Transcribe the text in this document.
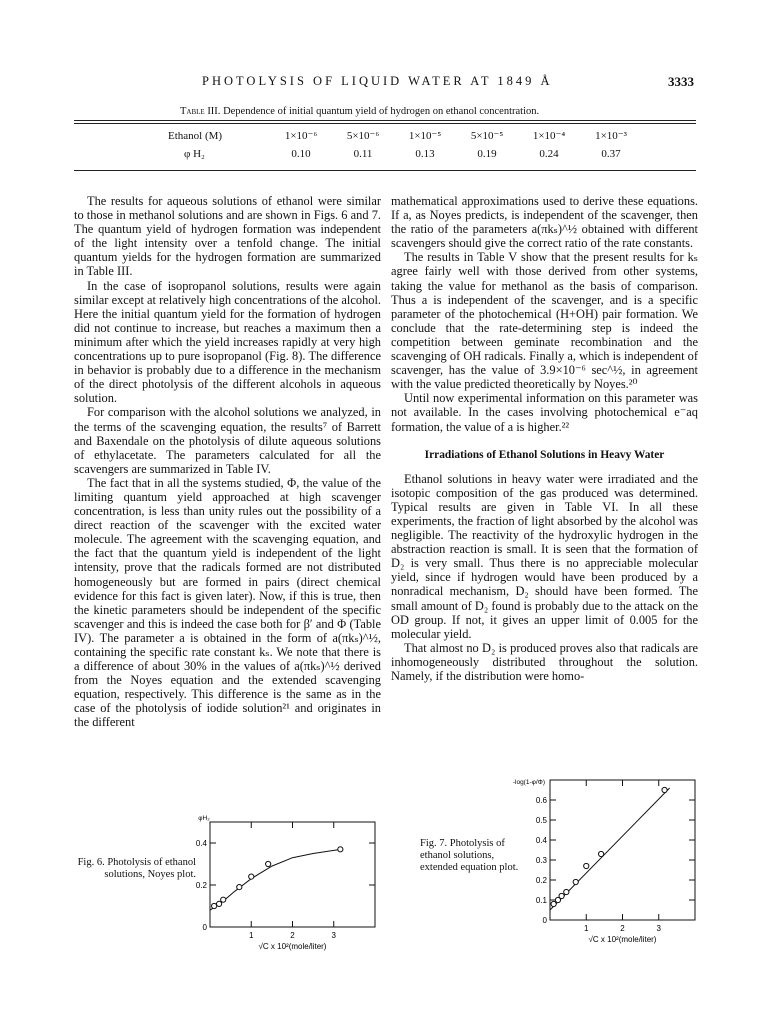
PHOTOLYSIS OF LIQUID WATER AT 1849 Å	3333
Table III. Dependence of initial quantum yield of hydrogen on ethanol concentration.
Ethanol (M)	1×10⁻⁶	5×10⁻⁶	1×10⁻⁵	5×10⁻⁵	1×10⁻⁴	1×10⁻³
φ H₂	0.10	0.11	0.13	0.19	0.24	0.37

The results for aqueous solutions of ethanol were similar to those in methanol solutions and are shown in Figs. 6 and 7. The quantum yield of hydrogen formation was independent of the light intensity over a tenfold change. The initial quantum yields for the hydrogen formation are summarized in Table III.

In the case of isopropanol solutions, results were again similar except at relatively high concentrations of the alcohol. Here the initial quantum yield for the formation of hydrogen did not continue to increase, but reaches a maximum then a minimum after which the yield increases rapidly at very high concentrations up to pure isopropanol (Fig. 8). The difference in behavior is probably due to a difference in the mechanism of the direct photolysis of the different alcohols in aqueous solution.

For comparison with the alcohol solutions we analyzed, in the terms of the scavenging equation, the results⁷ of Barrett and Baxendale on the photolysis of dilute aqueous solutions of ethylacetate. The parameters calculated for all the scavengers are summarized in Table IV.

The fact that in all the systems studied, Φ, the value of the limiting quantum yield approached at high scavenger concentration, is less than unity rules out the possibility of a direct reaction of the scavenger with the excited water molecule. The agreement with the scavenging equation, and the fact that the quantum yield is independent of the light intensity, prove that the radicals formed are not distributed homogeneously but are formed in pairs (direct chemical evidence for this fact is given later). Now, if this is true, then the kinetic parameters should be independent of the specific scavenger and this is indeed the case both for β′ and Φ (Table IV). The parameter a is obtained in the form of a(πkₛ)^½, containing the specific rate constant kₛ. We note that there is a difference of about 30% in the values of a(πkₛ)^½ derived from the Noyes equation and the extended scavenging equation, respectively. This difference is the same as in the case of the photolysis of iodide solution²¹ and originates in the different

mathematical approximations used to derive these equations. If a, as Noyes predicts, is independent of the scavenger, then the ratio of the parameters a(πkₛ)^½ obtained with different scavengers should give the correct ratio of the rate constants.

The results in Table V show that the present results for kₛ agree fairly well with those derived from other systems, taking the value for methanol as the basis of comparison. Thus a is independent of the scavenger, and is a specific parameter of the photochemical (H+OH) pair formation. We conclude that the rate-determining step is indeed the competition between geminate recombination and the scavenging of OH radicals. Finally a, which is independent of scavenger, has the value of 3.9×10⁻⁶ sec^½, in agreement with the value predicted theoretically by Noyes.²⁰

Until now experimental information on this parameter was not available. In the cases involving photochemical e⁻aq formation, the value of a is higher.²²

Irradiations of Ethanol Solutions in Heavy Water

Ethanol solutions in heavy water were irradiated and the isotopic composition of the gas produced was determined. Typical results are given in Table VI. In all these experiments, the fraction of light absorbed by the alcohol was negligible. The reactivity of the hydroxylic hydrogen in the abstraction reaction is small. It is seen that the formation of D₂ is very small. Thus there is no appreciable molecular yield, since if hydrogen would have been produced by a nonradical mechanism, D₂ should have been formed. The small amount of D₂ found is probably due to the attack on the OD group. If not, it gives an upper limit of 0.005 for the molecular yield.

That almost no D₂ is produced proves also that radicals are inhomogeneously distributed throughout the solution. Namely, if the distribution were homo-

Fig. 6. Photolysis of ethanol solutions, Noyes plot.
1	2	3
0
0.2
0.4
√C x 10²(mole/liter)
φH₂
Fig. 7. Photolysis of ethanol solutions, extended equation plot.
1	2	3
0
0.1
0.2
0.3
0.4
0.5
0.6
√C x 10²(mole/liter)
-log(1-φ/Φ)
